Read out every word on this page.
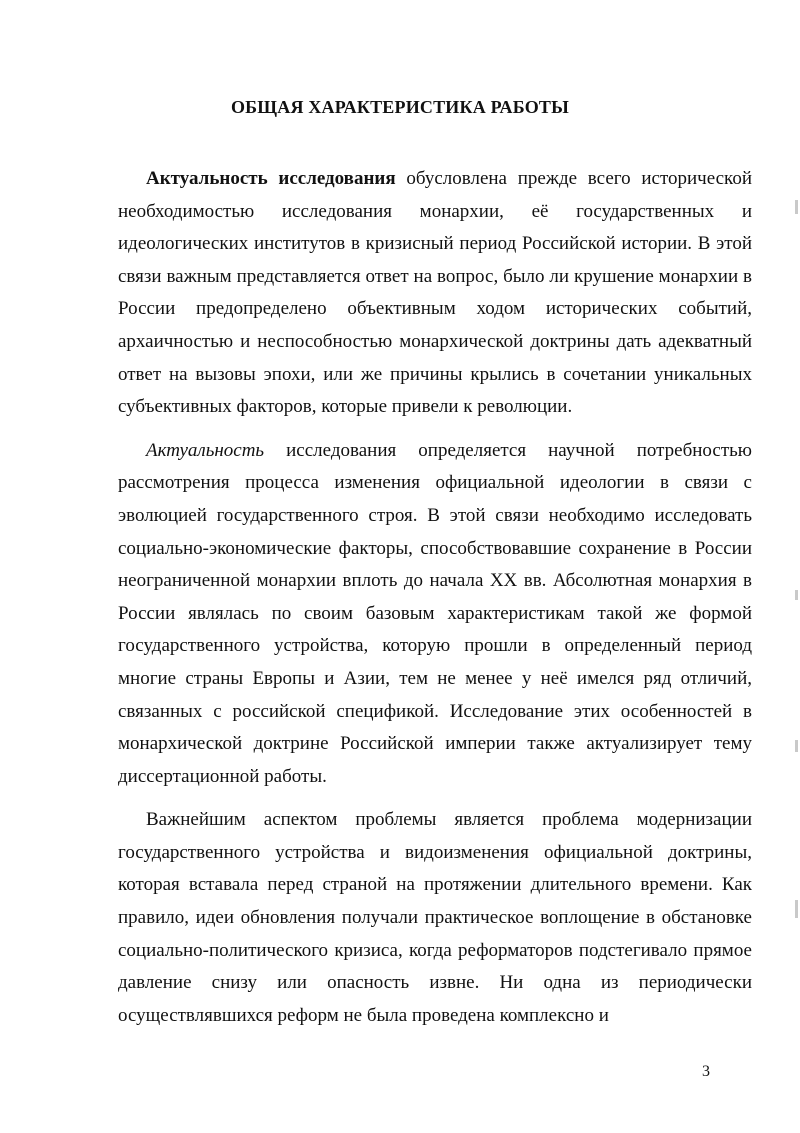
ОБЩАЯ ХАРАКТЕРИСТИКА РАБОТЫ

Актуальность исследования обусловлена прежде всего исторической необходимостью исследования монархии, её государственных и идеологических институтов в кризисный период Российской истории. В этой связи важным представляется ответ на вопрос, было ли крушение монархии в России предопределено объективным ходом исторических событий, архаичностью и неспособностью монархической доктрины дать адекватный ответ на вызовы эпохи, или же причины крылись в сочетании уникальных субъективных факторов, которые привели к революции.

Актуальность исследования определяется научной потребностью рассмотрения процесса изменения официальной идеологии в связи с эволюцией государственного строя. В этой связи необходимо исследовать социально-экономические факторы, способствовавшие сохранение в России неограниченной монархии вплоть до начала XX вв. Абсолютная монархия в России являлась по своим базовым характеристикам такой же формой государственного устройства, которую прошли в определенный период многие страны Европы и Азии, тем не менее у неё имелся ряд отличий, связанных с российской спецификой. Исследование этих особенностей в монархической доктрине Российской империи также актуализирует тему диссертационной работы.

Важнейшим аспектом проблемы является проблема модернизации государственного устройства и видоизменения официальной доктрины, которая вставала перед страной на протяжении длительного времени. Как правило, идеи обновления получали практическое воплощение в обстановке социально-политического кризиса, когда реформаторов подстегивало прямое давление снизу или опасность извне. Ни одна из периодически осуществлявшихся реформ не была проведена комплексно и

3
